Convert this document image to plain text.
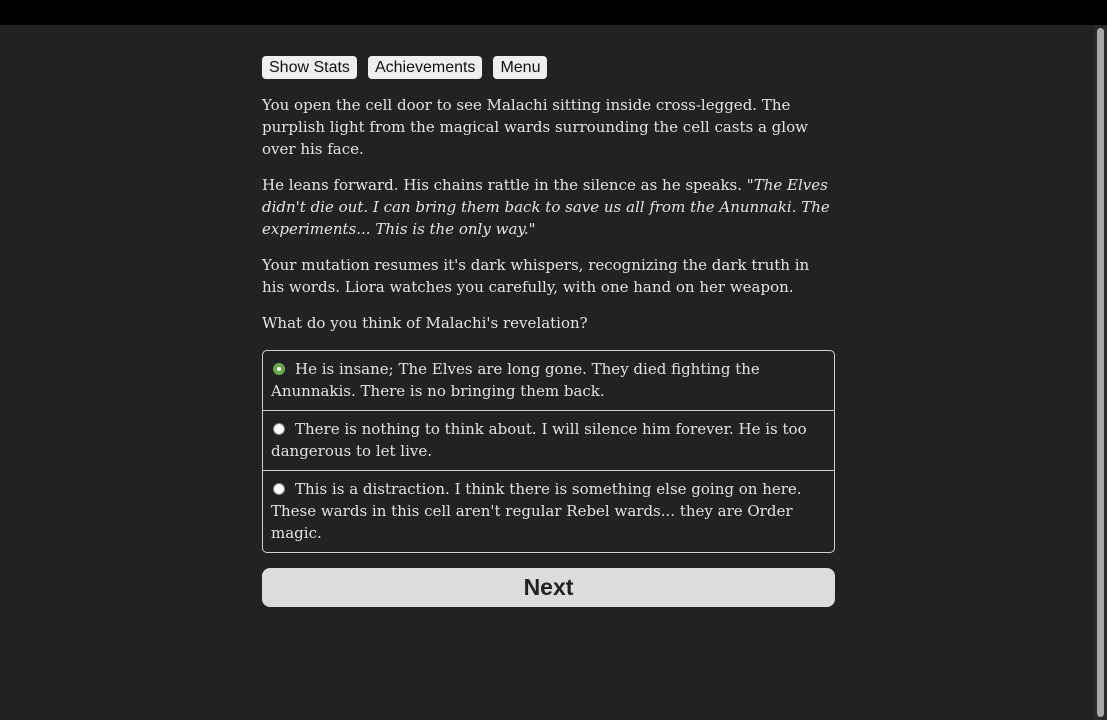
Show Stats	Achievements	Menu

You open the cell door to see Malachi sitting inside cross-legged. The purplish light from the magical wards surrounding the cell casts a glow over his face.

He leans forward. His chains rattle in the silence as he speaks. "The Elves didn't die out. I can bring them back to save us all from the Anunnaki. The experiments... This is the only way."

Your mutation resumes it's dark whispers, recognizing the dark truth in his words. Liora watches you carefully, with one hand on her weapon.

What do you think of Malachi's revelation?

He is insane; The Elves are long gone. They died fighting the Anunnakis. There is no bringing them back.
There is nothing to think about. I will silence him forever. He is too dangerous to let live.
This is a distraction. I think there is something else going on here. These wards in this cell aren't regular Rebel wards... they are Order magic.
Next
